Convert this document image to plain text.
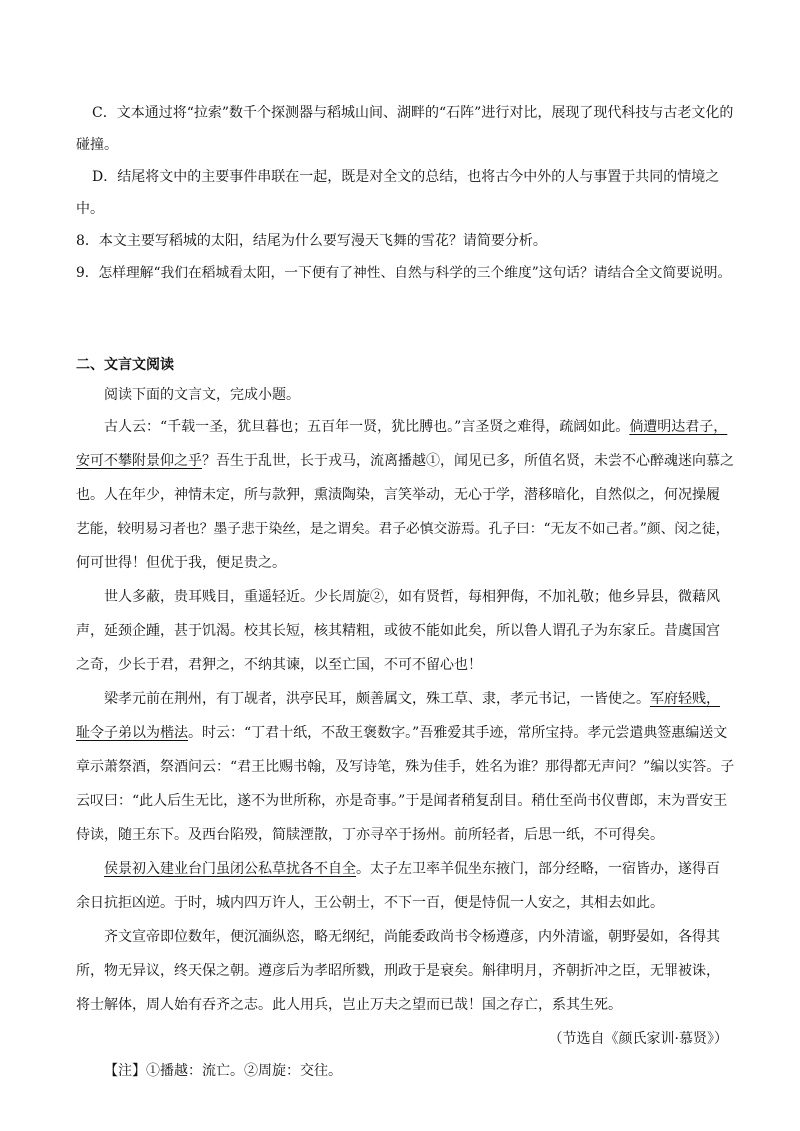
C．文本通过将“拉索”数千个探测器与稻城山间、湖畔的“石阵”进行对比，展现了现代科技与古老文化的
碰撞。
D．结尾将文中的主要事件串联在一起，既是对全文的总结，也将古今中外的人与事置于共同的情境之
中。
8．本文主要写稻城的太阳，结尾为什么要写漫天飞舞的雪花？请简要分析。
9．怎样理解“我们在稻城看太阳，一下便有了神性、自然与科学的三个维度”这句话？请结合全文简要说明。
二、文言文阅读
阅读下面的文言文，完成小题。
古人云：“千载一圣，犹旦暮也；五百年一贤，犹比膊也。”言圣贤之难得，疏阔如此。倘遭明达君子，
安可不攀附景仰之乎？吾生于乱世，长于戎马，流离播越①，闻见已多，所值名贤，未尝不心醉魂迷向慕之
也。人在年少，神情未定，所与款狎，熏渍陶染，言笑举动，无心于学，潜移暗化，自然似之，何况操履
艺能，较明易习者也？墨子悲于染丝，是之谓矣。君子必慎交游焉。孔子曰：“无友不如己者。”颜、闵之徒，
何可世得！但优于我，便足贵之。
世人多蔽，贵耳贱目，重遥轻近。少长周旋②，如有贤哲，每相狎侮，不加礼敬；他乡异县，微藉风
声，延颈企踵，甚于饥渴。校其长短，核其精粗，或彼不能如此矣，所以鲁人谓孔子为东家丘。昔虞国宫
之奇，少长于君，君狎之，不纳其谏，以至亡国，不可不留心也！
梁孝元前在荆州，有丁觇者，洪亭民耳，颇善属文，殊工草、隶，孝元书记，一皆使之。军府轻贱，
耻令子弟以为楷法。时云：“丁君十纸，不敌王褒数字。”吾雅爱其手迹，常所宝持。孝元尝遣典签惠编送文
章示萧祭酒，祭酒问云：“君王比赐书翰，及写诗笔，殊为佳手，姓名为谁？那得都无声问？”编以实答。子
云叹曰：“此人后生无比，遂不为世所称，亦是奇事。”于是闻者稍复刮目。稍仕至尚书仪曹郎，末为晋安王
侍读，随王东下。及西台陷殁，简牍湮散，丁亦寻卒于扬州。前所轻者，后思一纸，不可得矣。
侯景初入建业台门虽闭公私草扰各不自全。太子左卫率羊侃坐东掖门，部分经略，一宿皆办，遂得百
余日抗拒凶逆。于时，城内四万许人，王公朝士，不下一百，便是恃侃一人安之，其相去如此。
齐文宣帝即位数年，便沉湎纵恣，略无纲纪，尚能委政尚书令杨遵彦，内外清谧，朝野晏如，各得其
所，物无异议，终天保之朝。遵彦后为孝昭所戮，刑政于是衰矣。斛律明月，齐朝折冲之臣，无罪被诛，
将士解体，周人始有吞齐之志。此人用兵，岂止万夫之望而已哉！国之存亡，系其生死。
（节选自《颜氏家训·慕贤》）
【注】①播越：流亡。②周旋：交往。
